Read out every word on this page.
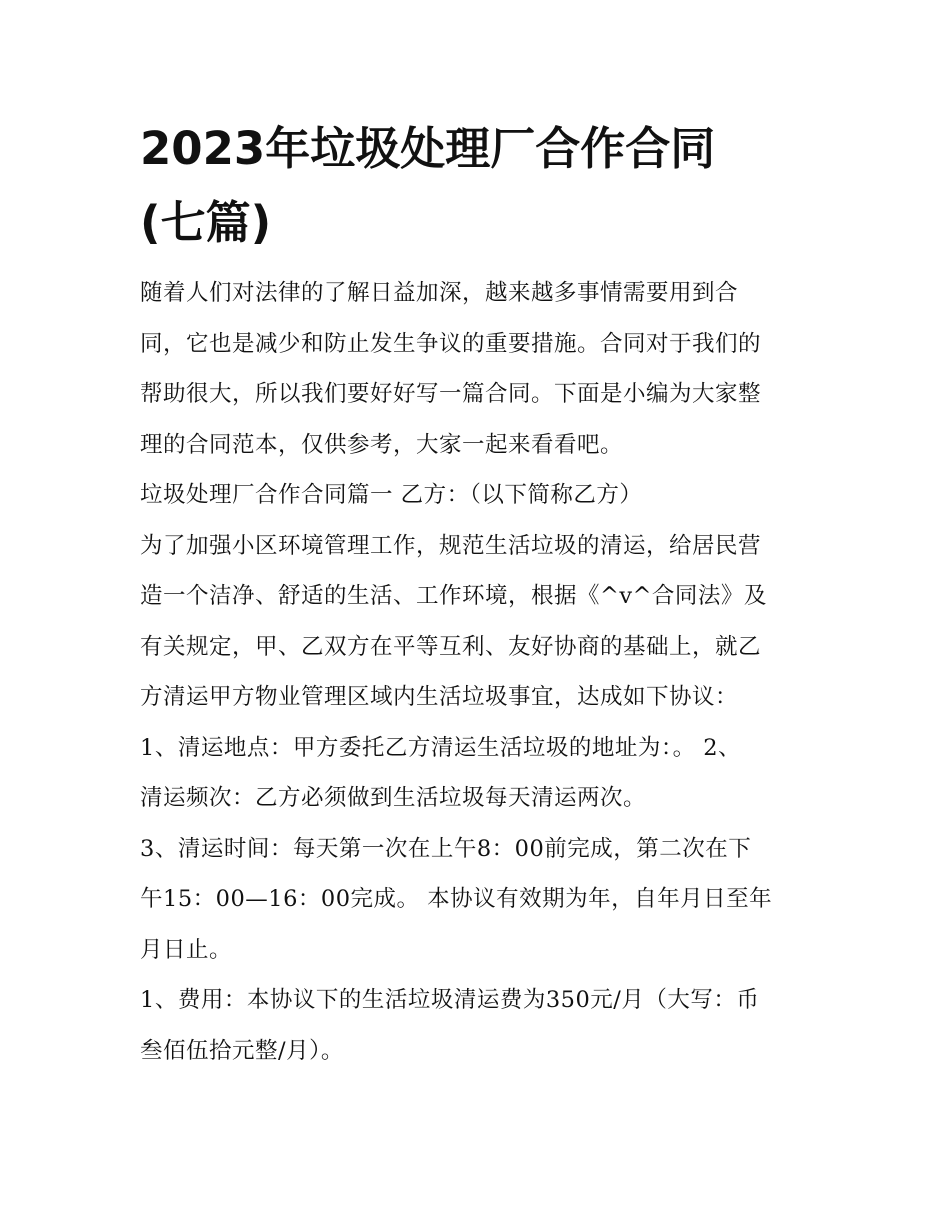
2023年垃圾处理厂合作合同
(七篇)

随着人们对法律的了解日益加深，越来越多事情需要用到合

同，它也是减少和防止发生争议的重要措施。合同对于我们的

帮助很大，所以我们要好好写一篇合同。下面是小编为大家整

理的合同范本，仅供参考，大家一起来看看吧。

垃圾处理厂合作合同篇一 乙方：（以下简称乙方）

为了加强小区环境管理工作，规范生活垃圾的清运，给居民营

造一个洁净、舒适的生活、工作环境，根据《^v^合同法》及

有关规定，甲、乙双方在平等互利、友好协商的基础上，就乙

方清运甲方物业管理区域内生活垃圾事宜，达成如下协议：

1、清运地点：甲方委托乙方清运生活垃圾的地址为：。 2、

清运频次：乙方必须做到生活垃圾每天清运两次。

3、清运时间：每天第一次在上午8：00前完成，第二次在下

午15：00—16：00完成。 本协议有效期为年，自年月日至年

月日止。

1、费用：本协议下的生活垃圾清运费为350元/月（大写：币

叁佰伍拾元整/月）。
